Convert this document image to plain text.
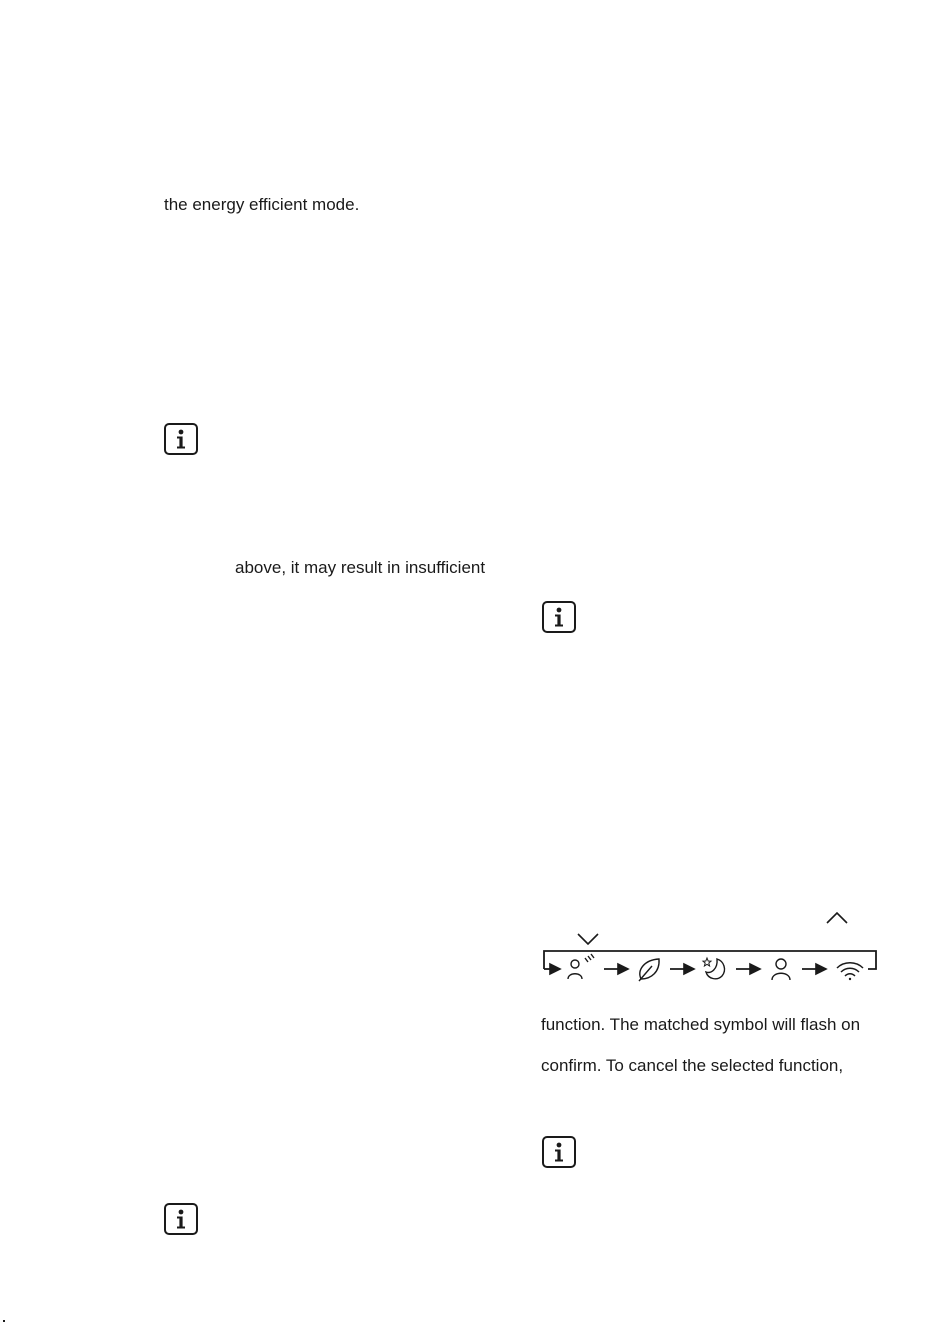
the energy efficient mode.
above, it may result in insufficient
function. The matched symbol will flash on
confirm. To cancel the selected function,
